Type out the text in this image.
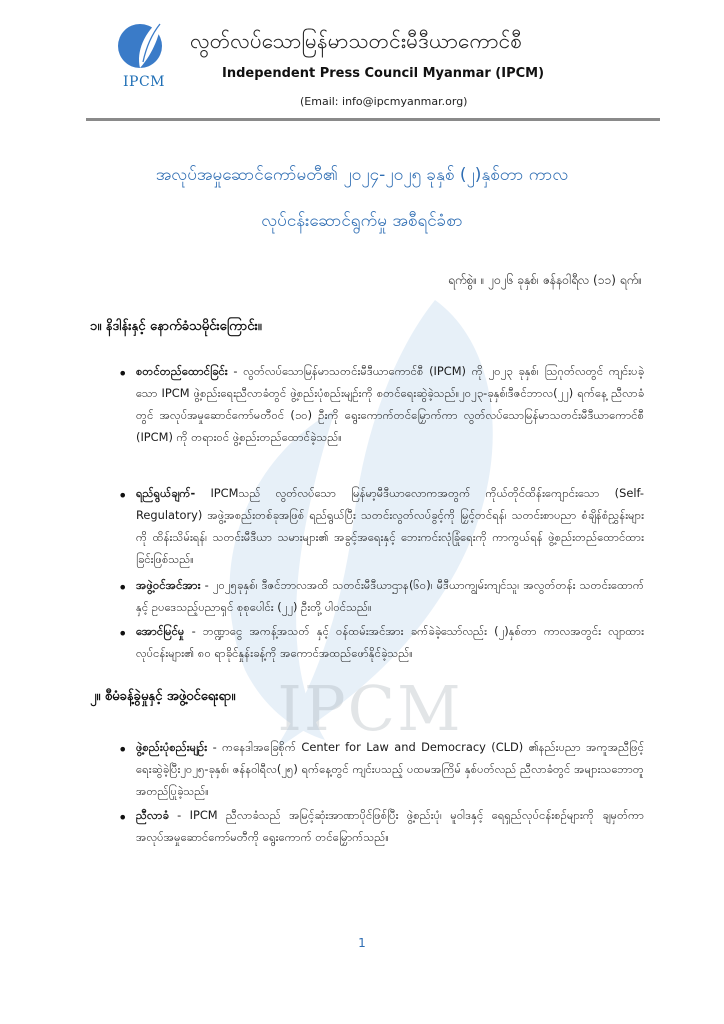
IPCM
IPCM
လွတ်လပ်သောမြန်မာသတင်းမီဒီယာကောင်စီ
Independent Press Council Myanmar (IPCM)
(Email: info@ipcmyanmar.org)
အလုပ်အမှုဆောင်ကော်မတီ၏ ၂၀၂၄-၂၀၂၅ ခုနှစ် (၂)နှစ်တာ ကာလ
လုပ်ငန်းဆောင်ရွက်မှု အစီရင်ခံစာ
ရက်စွဲ။ ။ ၂၀၂၆ ခုနှစ်၊ ဇန်နဝါရီလ (၁၁) ရက်။
၁။ နိဒါန်းနှင့် နောက်ခံသမိုင်းကြောင်း။
• စတင်တည်ထောင်ခြင်း - လွတ်လပ်သောမြန်မာသတင်းမီဒီယာကောင်စီ (IPCM) ကို ၂၀၂၃ ခုနှစ်၊ ဩဂုတ်လတွင် ကျင်းပခဲ့သော IPCM ဖွဲ့စည်းရေးညီလာခံတွင် ဖွဲ့စည်းပုံစည်းမျဉ်းကို စတင်ရေးဆွဲခဲ့သည်။၂၀၂၃-ခုနှစ်၊ဒီဇင်ဘာလ(၂၂) ရက်နေ့ ညီလာခံတွင် အလုပ်အမှုဆောင်ကော်မတီဝင် (၁၀) ဦးကို ရွေးကောက်တင်မြှောက်ကာ လွတ်လပ်သောမြန်မာသတင်းမီဒီယာကောင်စီ (IPCM) ကို တရားဝင် ဖွဲ့စည်းတည်ထောင်ခဲ့သည်။
• ရည်ရွယ်ချက်- IPCMသည် လွတ်လပ်သော မြန်မာ့မီဒီယာလောကအတွက် ကိုယ်တိုင်ထိန်းကျောင်းသော (Self-Regulatory) အဖွဲ့အစည်းတစ်ခုအဖြစ် ရည်ရွယ်ပြီး သတင်းလွတ်လပ်ခွင့်ကို မြှင့်တင်ရန်၊ သတင်းစာပညာ စံချိန်စံညွှန်းများကို ထိန်းသိမ်းရန်၊ သတင်းမီဒီယာ သမားများ၏ အခွင့်အရေးနှင့် ဘေးကင်းလုံခြုံရေးကို ကာကွယ်ရန် ဖွဲ့စည်းတည်ထောင်ထားခြင်းဖြစ်သည်။
• အဖွဲ့ဝင်အင်အား - ၂၀၂၅ခုနှစ်၊ ဒီဇင်ဘာလအထိ သတင်းမီဒီယာဌာန(၆၀)၊ မီဒီယာကျွမ်းကျင်သူ၊ အလွတ်တန်း သတင်းထောက်နှင့် ဥပဒေသည့်ပညာရှင် စုစုပေါင်း (၂၂) ဦးတို့ ပါဝင်သည်။
• အောင်မြင်မှု - ဘဏ္ဍာငွေ အကန့်အသတ် နှင့် ဝန်ထမ်းအင်အား ခက်ခဲခဲ့သော်လည်း (၂)နှစ်တာ ကာလအတွင်း လျာထားလုပ်ငန်းများ၏ ၈၀ ရာခိုင်နှုန်းခန့်ကို အကောင်အထည်ဖော်နိုင်ခဲ့သည်။
၂။ စီမံခန့်ခွဲမှုနှင့် အဖွဲ့ဝင်ရေးရာ။
• ဖွဲ့စည်းပုံစည်းမျဉ်း - ကနေဒါအခြေစိုက် Center for Law and Democracy (CLD) ၏နည်းပညာ အကူအညီဖြင့်ရေးဆွဲခဲ့ပြီး၂၀၂၅-ခုနှစ်၊ ဇန်နဝါရီလ(၂၅) ရက်နေ့တွင် ကျင်းပသည့် ပထမအကြိမ် နှစ်ပတ်လည် ညီလာခံတွင် အများသဘောတူ အတည်ပြုခဲ့သည်။
• ညီလာခံ - IPCM ညီလာခံသည် အမြင့်ဆုံးအာဏာပိုင်ဖြစ်ပြီး ဖွဲ့စည်းပုံ၊ မူဝါဒနှင့် ရေရှည်လုပ်ငန်းစဉ်များကို ချမှတ်ကာ အလုပ်အမှုဆောင်ကော်မတီကို ရွေးကောက် တင်မြှောက်သည်။
1
